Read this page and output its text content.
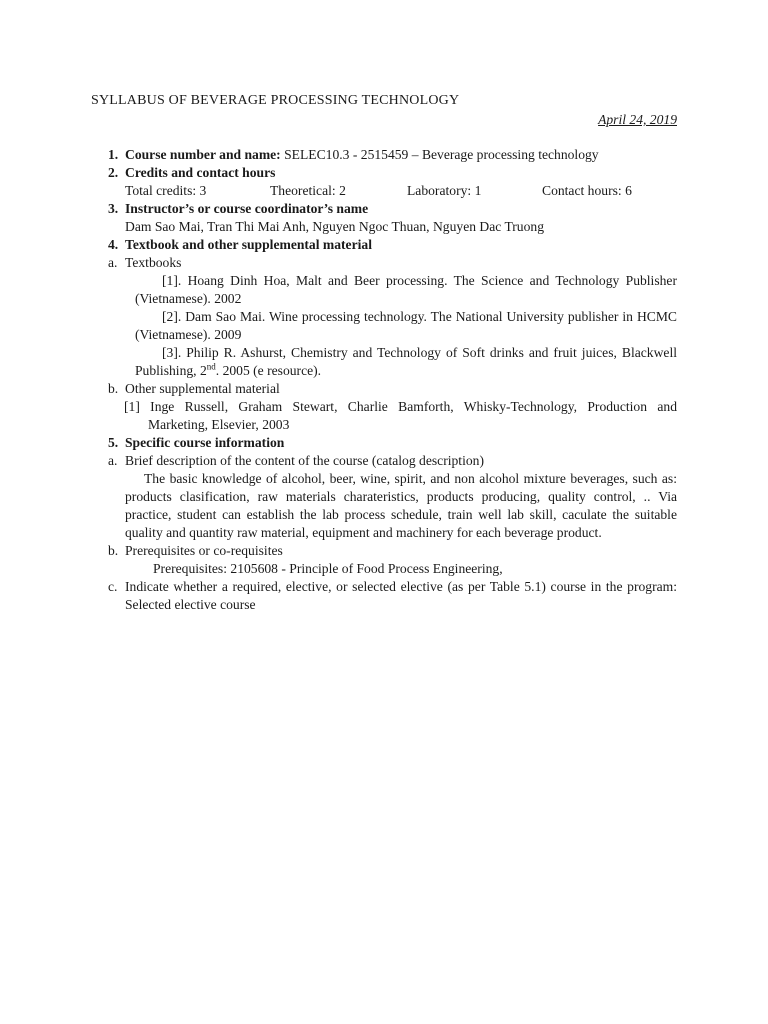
SYLLABUS OF BEVERAGE PROCESSING TECHNOLOGY
April 24, 2019
1. Course number and name: SELEC10.3 - 2515459 – Beverage processing technology
2. Credits and contact hours
Total credits: 3	Theoretical: 2	Laboratory: 1	Contact hours: 6
3. Instructor’s or course coordinator’s name
Dam Sao Mai, Tran Thi Mai Anh, Nguyen Ngoc Thuan, Nguyen Dac Truong
4. Textbook and other supplemental material
a. Textbooks
[1]. Hoang Dinh Hoa, Malt and Beer processing. The Science and Technology Publisher (Vietnamese). 2002
[2]. Dam Sao Mai. Wine processing technology. The National University publisher in HCMC (Vietnamese). 2009
[3]. Philip R. Ashurst, Chemistry and Technology of Soft drinks and fruit juices, Blackwell Publishing, 2nd. 2005 (e resource).
b. Other supplemental material
[1] Inge Russell, Graham Stewart, Charlie Bamforth, Whisky-Technology, Production and Marketing, Elsevier, 2003
5. Specific course information
a. Brief description of the content of the course (catalog description)
The basic knowledge of alcohol, beer, wine, spirit, and non alcohol mixture beverages, such as: products clasification, raw materials charateristics, products producing, quality control, .. Via practice, student can establish the lab process schedule, train well lab skill, caculate the suitable quality and quantity raw material, equipment and machinery for each beverage product.
b. Prerequisites or co-requisites
Prerequisites: 2105608 - Principle of Food Process Engineering,
c. Indicate whether a required, elective, or selected elective (as per Table 5.1) course in the program: Selected elective course
